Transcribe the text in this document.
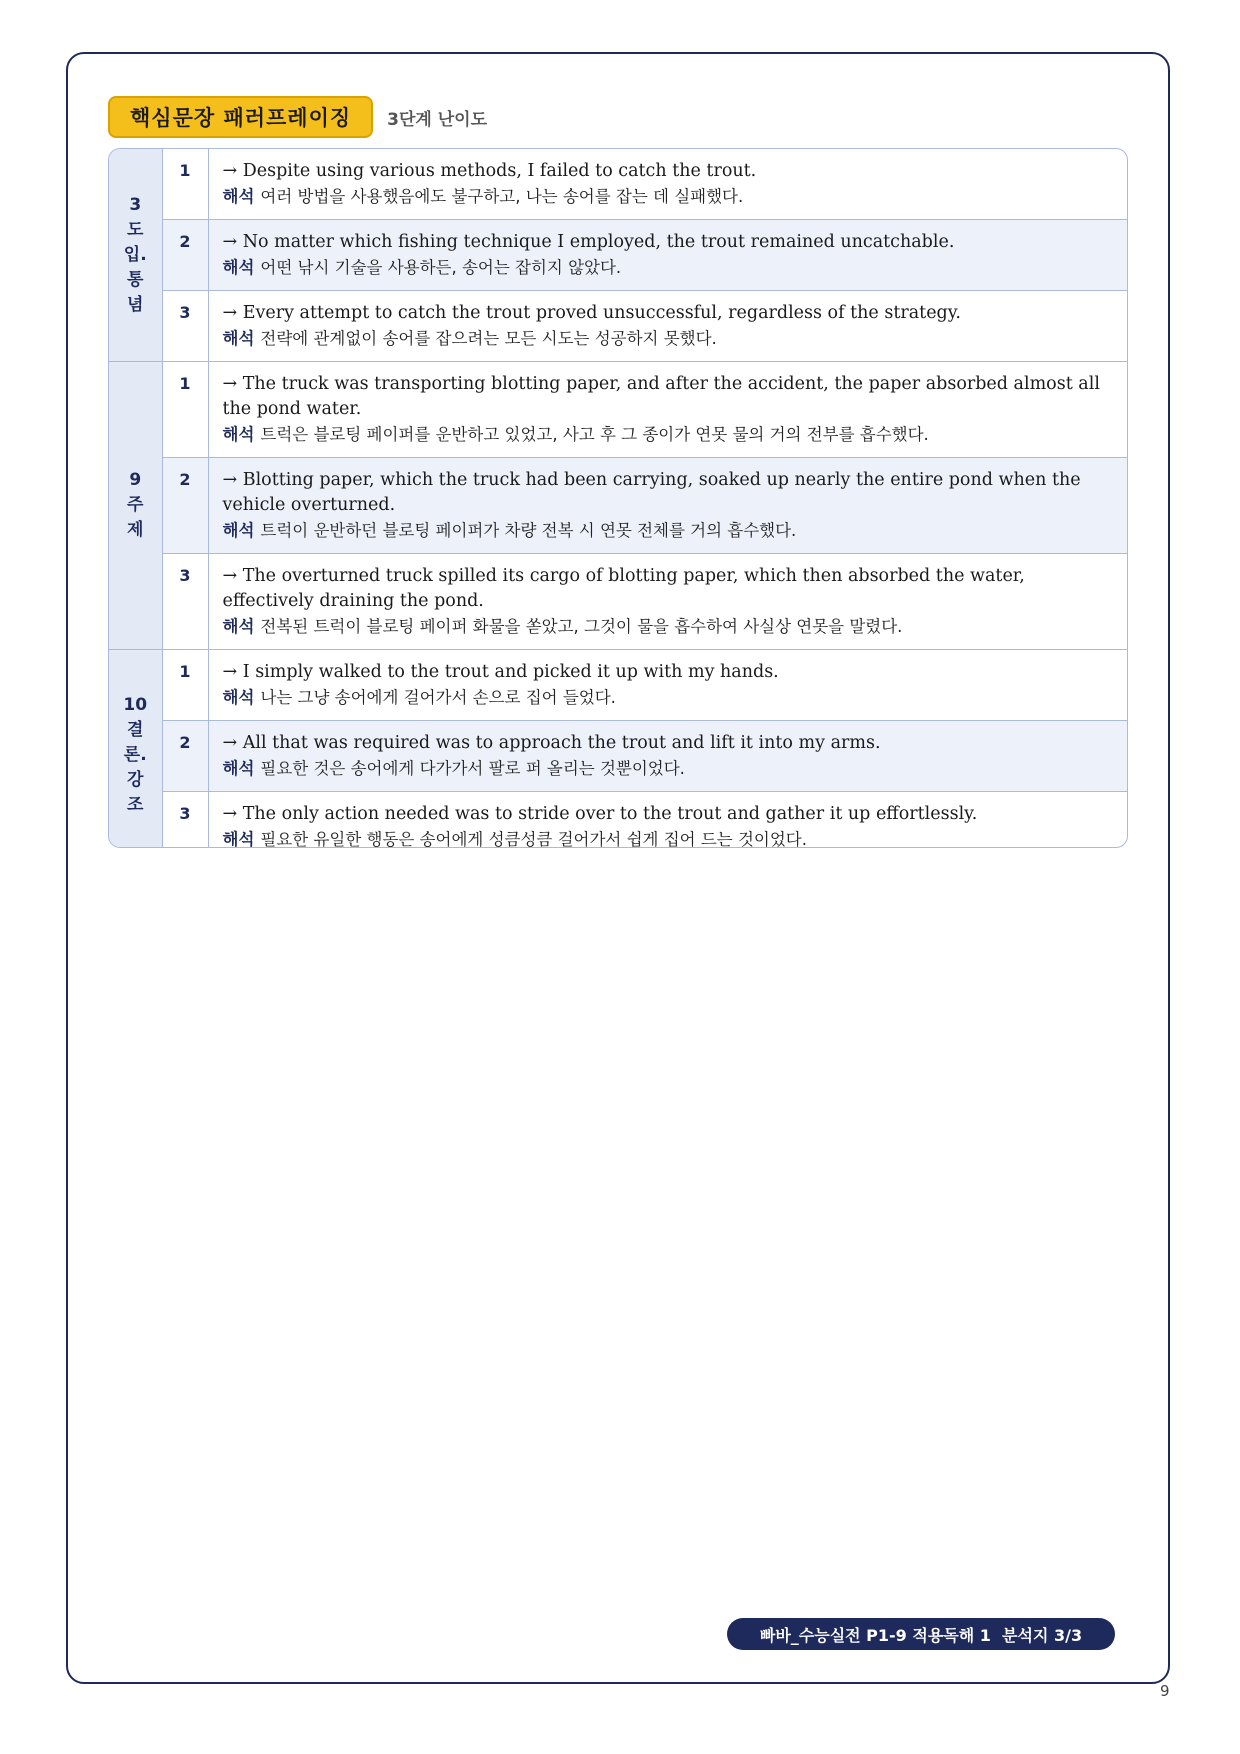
핵심문장 패러프레이징	3단계 난이도
3
도
입.
통
념	1	→ Despite using various methods, I failed to catch the trout.
해석 여러 방법을 사용했음에도 불구하고, 나는 송어를 잡는 데 실패했다.

	2	→ No matter which fishing technique I employed, the trout remained uncatchable.
해석 어떤 낚시 기술을 사용하든, 송어는 잡히지 않았다.

	3	→ Every attempt to catch the trout proved unsuccessful, regardless of the strategy.
해석 전략에 관계없이 송어를 잡으려는 모든 시도는 성공하지 못했다.

9
주
제	1	→ The truck was transporting blotting paper, and after the accident, the paper absorbed almost all the pond water.
해석 트럭은 블로팅 페이퍼를 운반하고 있었고, 사고 후 그 종이가 연못 물의 거의 전부를 흡수했다.

	2	→ Blotting paper, which the truck had been carrying, soaked up nearly the entire pond when the vehicle overturned.
해석 트럭이 운반하던 블로팅 페이퍼가 차량 전복 시 연못 전체를 거의 흡수했다.

	3	→ The overturned truck spilled its cargo of blotting paper, which then absorbed the water, effectively draining the pond.
해석 전복된 트럭이 블로팅 페이퍼 화물을 쏟았고, 그것이 물을 흡수하여 사실상 연못을 말렸다.

10
결
론.
강
조	1	→ I simply walked to the trout and picked it up with my hands.
해석 나는 그냥 송어에게 걸어가서 손으로 집어 들었다.

	2	→ All that was required was to approach the trout and lift it into my arms.
해석 필요한 것은 송어에게 다가가서 팔로 퍼 올리는 것뿐이었다.

	3	→ The only action needed was to stride over to the trout and gather it up effortlessly.
해석 필요한 유일한 행동은 송어에게 성큼성큼 걸어가서 쉽게 집어 드는 것이었다.
빠바_수능실전 P1-9 적용독해 1  분석지 3/3
9
